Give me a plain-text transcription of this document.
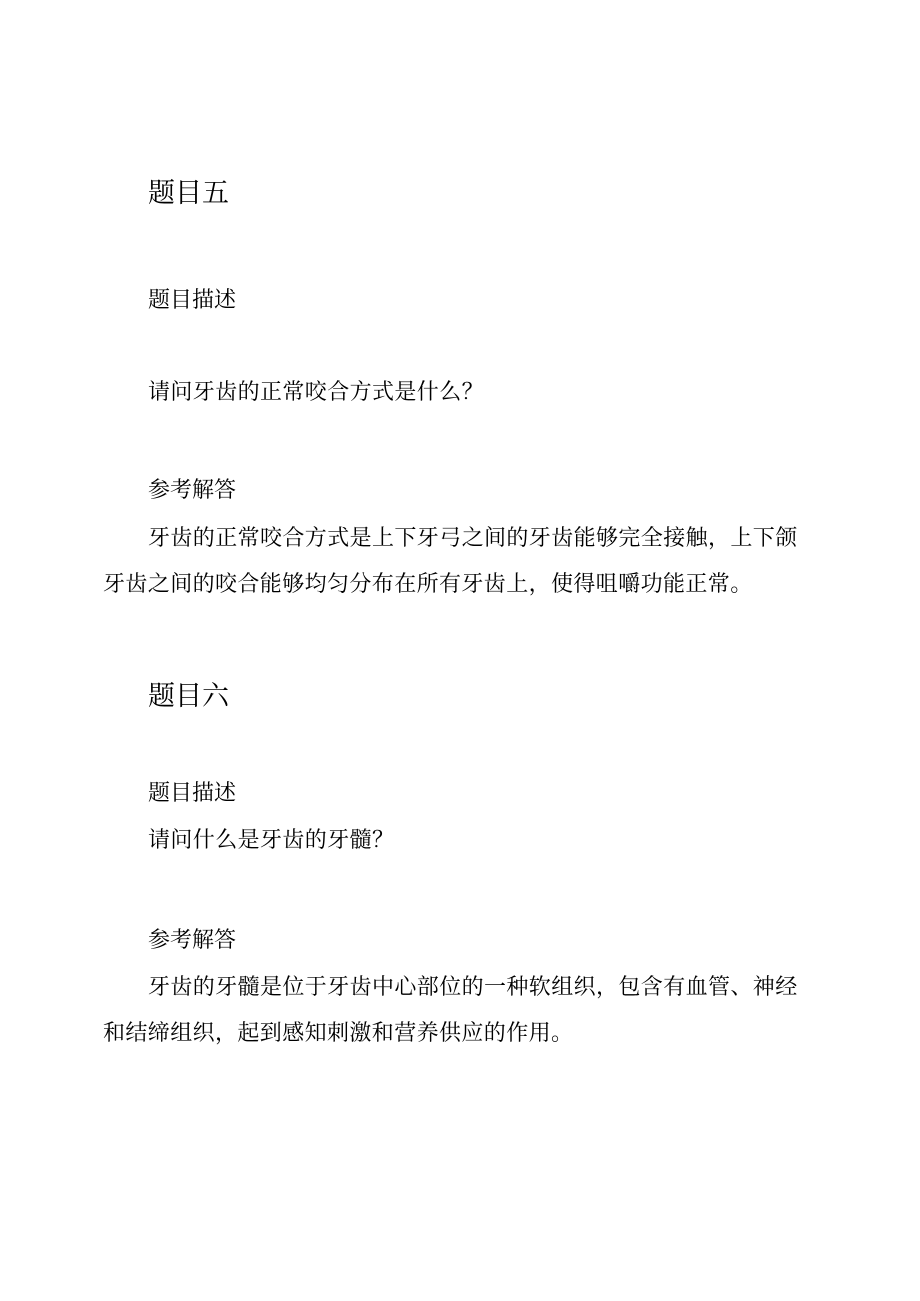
题目五
题目描述

请问牙齿的正常咬合方式是什么？

参考解答

牙齿的正常咬合方式是上下牙弓之间的牙齿能够完全接触，上下颌

牙齿之间的咬合能够均匀分布在所有牙齿上，使得咀嚼功能正常。

题目六
题目描述

请问什么是牙齿的牙髓？

参考解答

牙齿的牙髓是位于牙齿中心部位的一种软组织，包含有血管、神经

和结缔组织，起到感知刺激和营养供应的作用。
